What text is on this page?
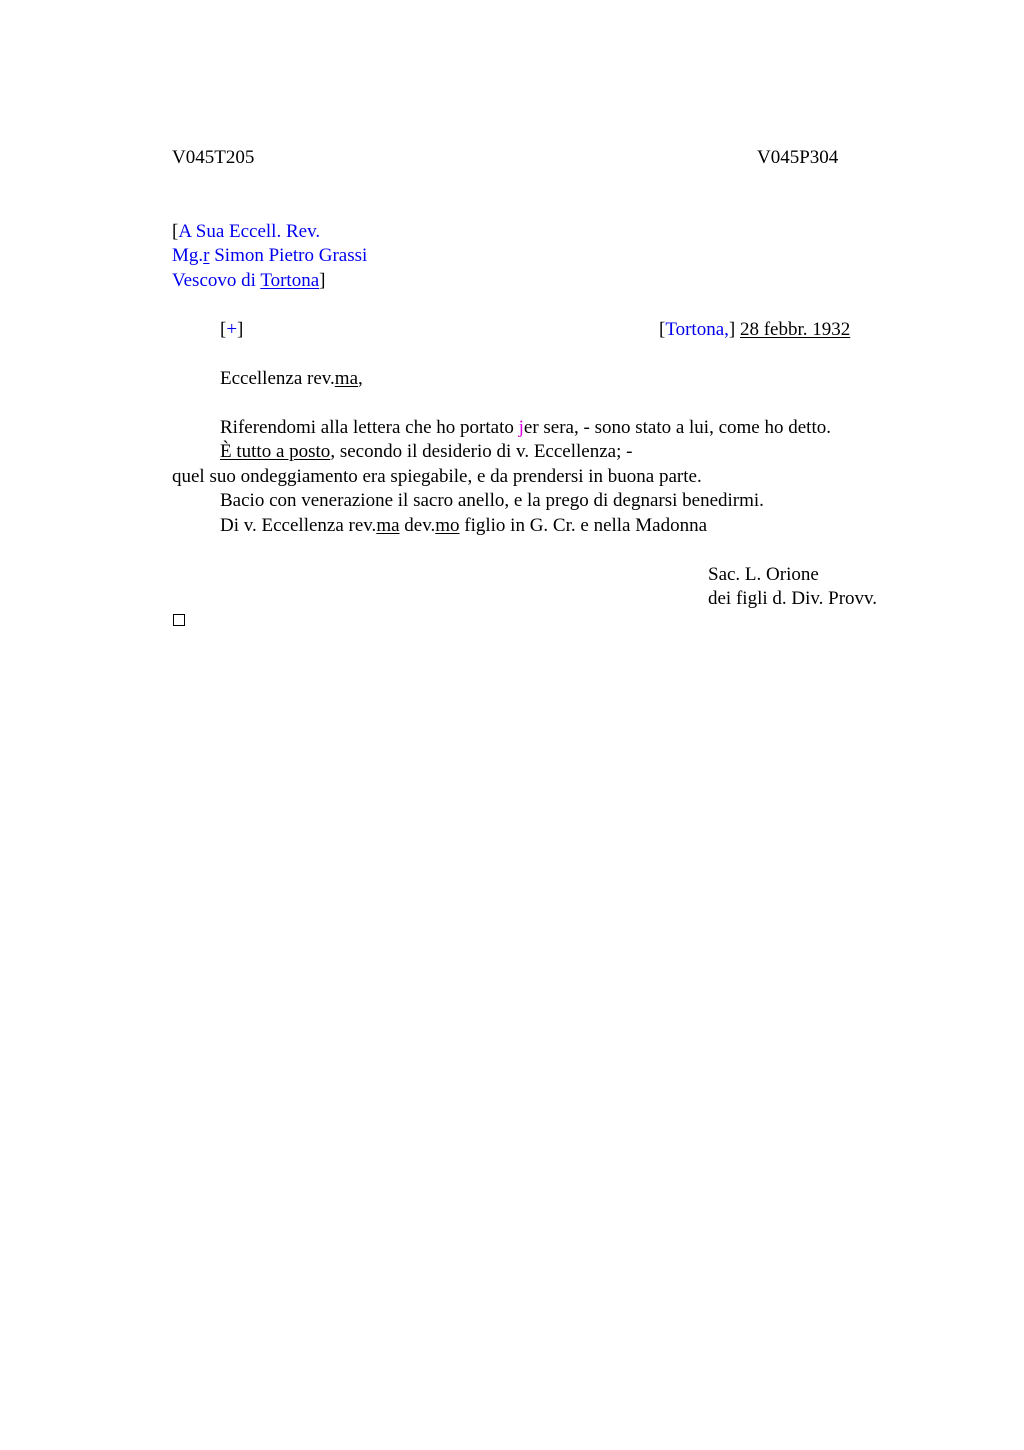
V045T205	V045P304
[A Sua Eccell. Rev.
Mg.r Simon Pietro Grassi
Vescovo di Tortona]
[+]	[Tortona,] 28 febbr. 1932
Eccellenza rev.ma,
Riferendomi alla lettera che ho portato jer sera, - sono stato a lui, come ho detto.
È tutto a posto, secondo il desiderio di v. Eccellenza; -
quel suo ondeggiamento era spiegabile, e da prendersi in buona parte.
Bacio con venerazione il sacro anello, e la prego di degnarsi benedirmi.
Di v. Eccellenza rev.ma dev.mo figlio in G. Cr. e nella Madonna
Sac. L. Orione
dei figli d. Div. Provv.
